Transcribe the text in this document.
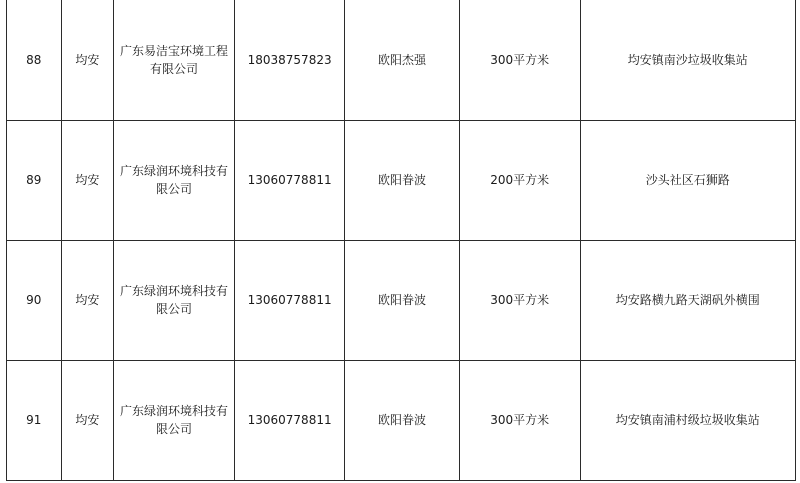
88	均安	广东易洁宝环境工程有限公司	18038757823	欧阳杰强	300平方米	均安镇南沙垃圾收集站
89	均安	广东绿润环境科技有限公司	13060778811	欧阳眷波	200平方米	沙头社区石狮路
90	均安	广东绿润环境科技有限公司	13060778811	欧阳眷波	300平方米	均安路横九路天湖矾外横围
91	均安	广东绿润环境科技有限公司	13060778811	欧阳眷波	300平方米	均安镇南浦村级垃圾收集站
